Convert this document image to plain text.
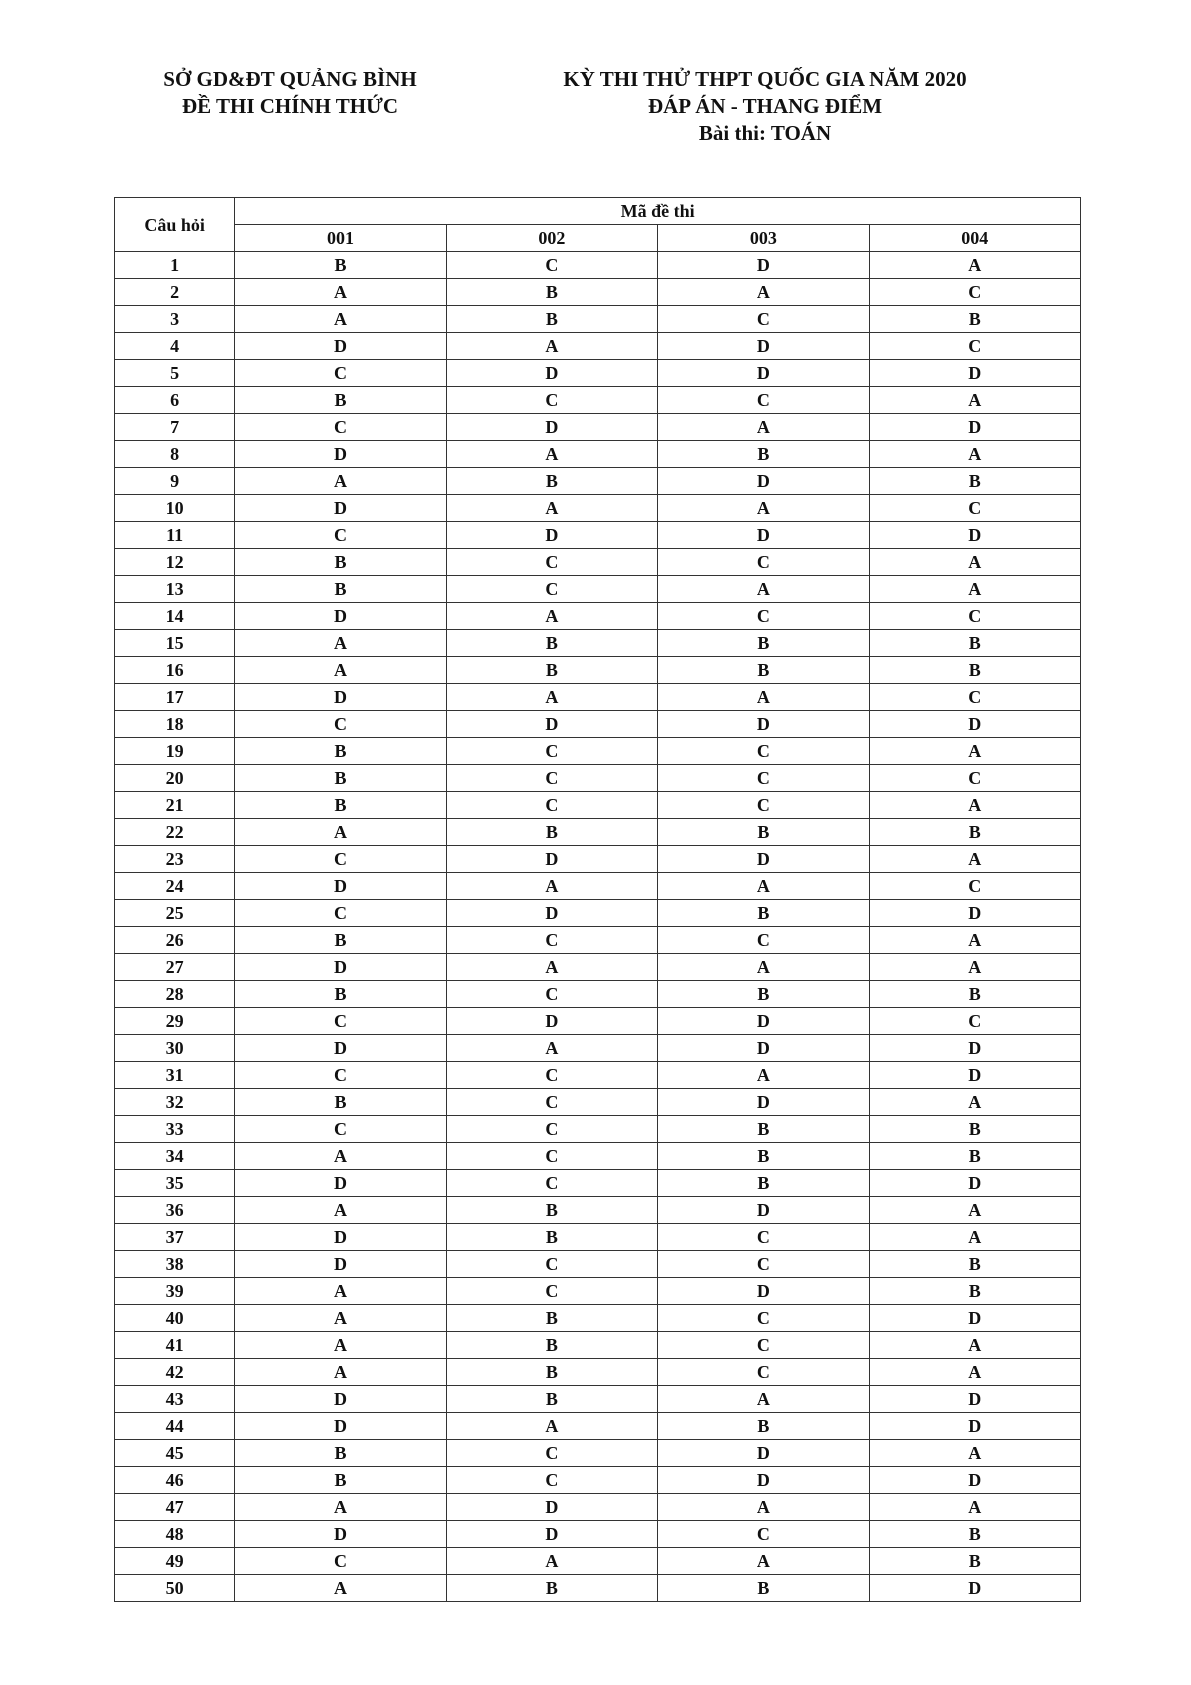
SỞ GD&ĐT QUẢNG BÌNH
ĐỀ THI CHÍNH THỨC
KỲ THI THỬ THPT QUỐC GIA NĂM 2020
ĐÁP ÁN - THANG ĐIỂM
Bài thi: TOÁN
Câu hỏi	Mã đề thi			
	001	002	003	004
1	B	C	D	A
2	A	B	A	C
3	A	B	C	B
4	D	A	D	C
5	C	D	D	D
6	B	C	C	A
7	C	D	A	D
8	D	A	B	A
9	A	B	D	B
10	D	A	A	C
11	C	D	D	D
12	B	C	C	A
13	B	C	A	A
14	D	A	C	C
15	A	B	B	B
16	A	B	B	B
17	D	A	A	C
18	C	D	D	D
19	B	C	C	A
20	B	C	C	C
21	B	C	C	A
22	A	B	B	B
23	C	D	D	A
24	D	A	A	C
25	C	D	B	D
26	B	C	C	A
27	D	A	A	A
28	B	C	B	B
29	C	D	D	C
30	D	A	D	D
31	C	C	A	D
32	B	C	D	A
33	C	C	B	B
34	A	C	B	B
35	D	C	B	D
36	A	B	D	A
37	D	B	C	A
38	D	C	C	B
39	A	C	D	B
40	A	B	C	D
41	A	B	C	A
42	A	B	C	A
43	D	B	A	D
44	D	A	B	D
45	B	C	D	A
46	B	C	D	D
47	A	D	A	A
48	D	D	C	B
49	C	A	A	B
50	A	B	B	D
